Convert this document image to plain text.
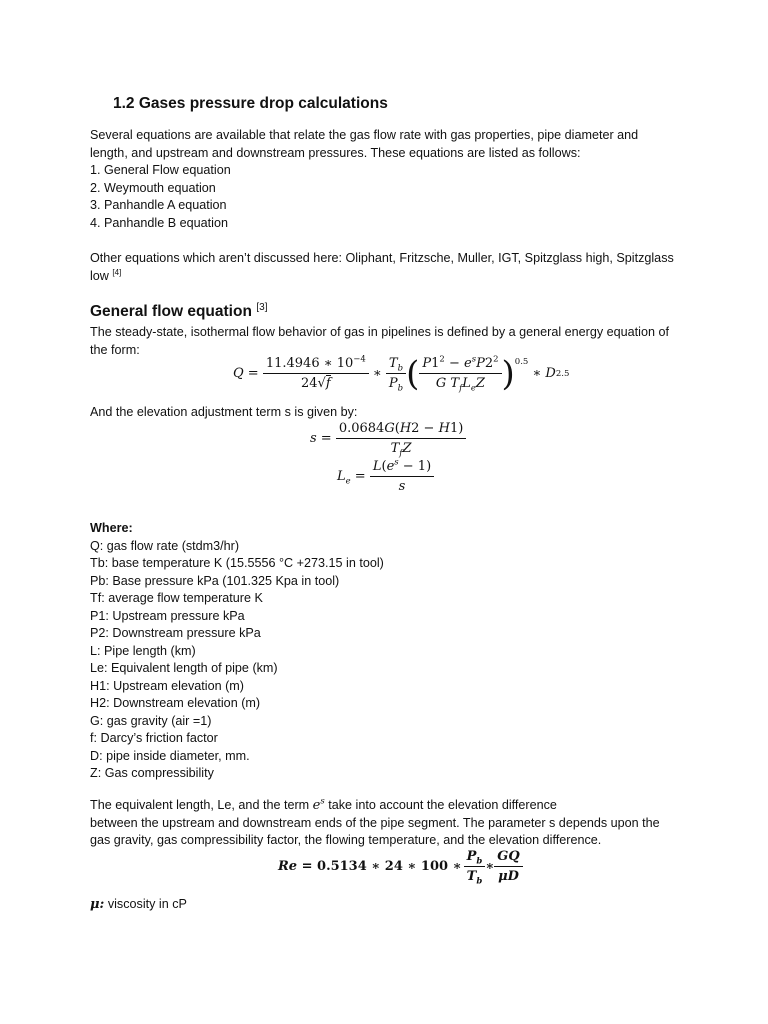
1.2 Gases pressure drop calculations
Several equations are available that relate the gas flow rate with gas properties, pipe diameter and
length, and upstream and downstream pressures. These equations are listed as follows:
1. General Flow equation
2. Weymouth equation
3. Panhandle A equation
4. Panhandle B equation
Other equations which aren’t discussed here: Oliphant, Fritzsche, Muller, IGT, Spitzglass high, Spitzglass
low [4]
General flow equation [3]
The steady-state, isothermal flow behavior of gas in pipelines is defined by a general energy equation of
the form:
$Q = \frac{11.4946 ∗ 10^{-4}}{24√f}$ ∗ $\frac{T_b}{P_b}$ ( $\frac{P1^2 - e^sP2^2}{G T_fL_eZ}$ ) 0.5
∗ D 2.5
And the elevation adjustment term s is given by:
$s = \frac{0.0684G(H2 - H1)}{T_fZ}$
$L_e = \frac{L(e^s - 1)}{s}$
Where:
Q: gas flow rate (stdm3/hr)
Tb: base temperature K (15.5556 °C +273.15 in tool)
Pb: Base pressure kPa (101.325 Kpa in tool)
Tf: average flow temperature K
P1: Upstream pressure kPa
P2: Downstream pressure kPa
L: Pipe length (km)
Le: Equivalent length of pipe (km)
H1: Upstream elevation (m)
H2: Downstream elevation (m)
G: gas gravity (air =1)
f: Darcy’s friction factor
D: pipe inside diameter, mm.
Z: Gas compressibility
The equivalent length, Le, and the term $e^s$ take into account the elevation difference
between the upstream and downstream ends of the pipe segment. The parameter s depends upon the
gas gravity, gas compressibility factor, the flowing temperature, and the elevation difference.
Re = 0.5134 ∗ 24 ∗ 100 ∗ $\frac{P_b}{T_b}$ ∗ $\frac{GQ}{\mu D}$
μ: viscosity in cP
